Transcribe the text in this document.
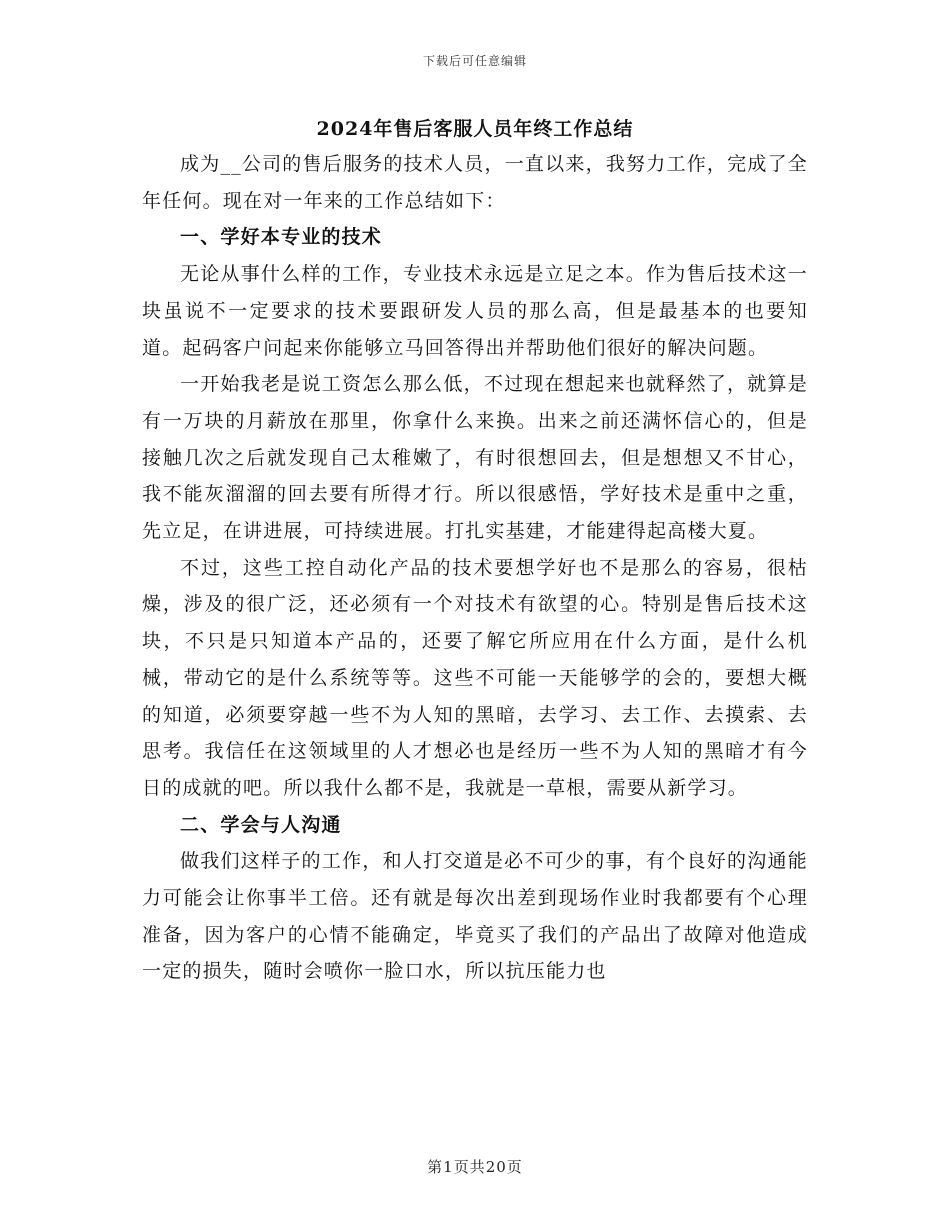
下载后可任意编辑
2024年售后客服人员年终工作总结

成为__公司的售后服务的技术人员，一直以来，我努力工作，完成了全年任何。现在对一年来的工作总结如下：

一、学好本专业的技术

无论从事什么样的工作，专业技术永远是立足之本。作为售后技术这一块虽说不一定要求的技术要跟研发人员的那么高，但是最基本的也要知道。起码客户问起来你能够立马回答得出并帮助他们很好的解决问题。

一开始我老是说工资怎么那么低，不过现在想起来也就释然了，就算是有一万块的月薪放在那里，你拿什么来换。出来之前还满怀信心的，但是接触几次之后就发现自己太稚嫩了，有时很想回去，但是想想又不甘心，我不能灰溜溜的回去要有所得才行。所以很感悟，学好技术是重中之重，先立足，在讲进展，可持续进展。打扎实基建，才能建得起高楼大夏。

不过，这些工控自动化产品的技术要想学好也不是那么的容易，很枯燥，涉及的很广泛，还必须有一个对技术有欲望的心。特别是售后技术这块，不只是只知道本产品的，还要了解它所应用在什么方面，是什么机械，带动它的是什么系统等等。这些不可能一天能够学的会的，要想大概的知道，必须要穿越一些不为人知的黑暗，去学习、去工作、去摸索、去思考。我信任在这领域里的人才想必也是经历一些不为人知的黑暗才有今日的成就的吧。所以我什么都不是，我就是一草根，需要从新学习。

二、学会与人沟通

做我们这样子的工作，和人打交道是必不可少的事，有个良好的沟通能力可能会让你事半工倍。还有就是每次出差到现场作业时我都要有个心理准备，因为客户的心情不能确定，毕竟买了我们的产品出了故障对他造成一定的损失，随时会喷你一脸口水，所以抗压能力也

第1页共20页
